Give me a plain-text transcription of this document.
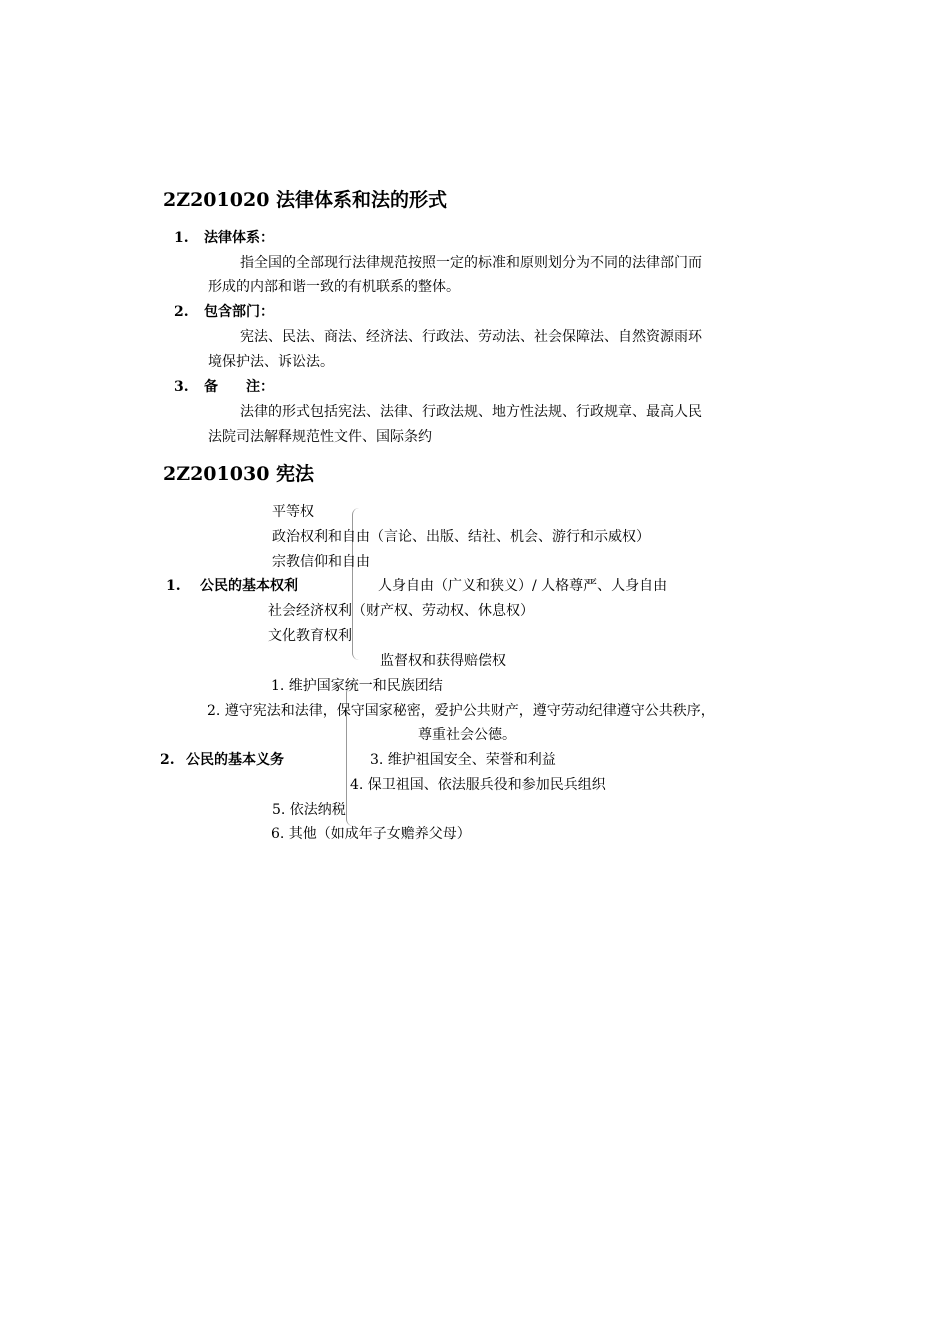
2Z201020 法律体系和法的形式
1. 法律体系：
指全国的全部现行法律规范按照一定的标准和原则划分为不同的法律部门而
形成的内部和谐一致的有机联系的整体。
2. 包含部门：
宪法、民法、商法、经济法、行政法、劳动法、社会保障法、自然资源雨环
境保护法、诉讼法。
3. 备　　注：
法律的形式包括宪法、法律、行政法规、地方性法规、行政规章、最高人民
法院司法解释规范性文件、国际条约
2Z201030 宪法
平等权
政治权利和自由（言论、出版、结社、机会、游行和示威权）
宗教信仰和自由
1. 公民的基本权利	人身自由（广义和狭义）/ 人格尊严、人身自由
社会经济权利（财产权、劳动权、休息权）
文化教育权利
监督权和获得赔偿权
1. 维护国家统一和民族团结
2. 遵守宪法和法律，保守国家秘密，爱护公共财产，遵守劳动纪律遵守公共秩序，
尊重社会公德。
2. 公民的基本义务	3. 维护祖国安全、荣誉和利益
4. 保卫祖国、依法服兵役和参加民兵组织
5. 依法纳税
6. 其他（如成年子女赡养父母）
